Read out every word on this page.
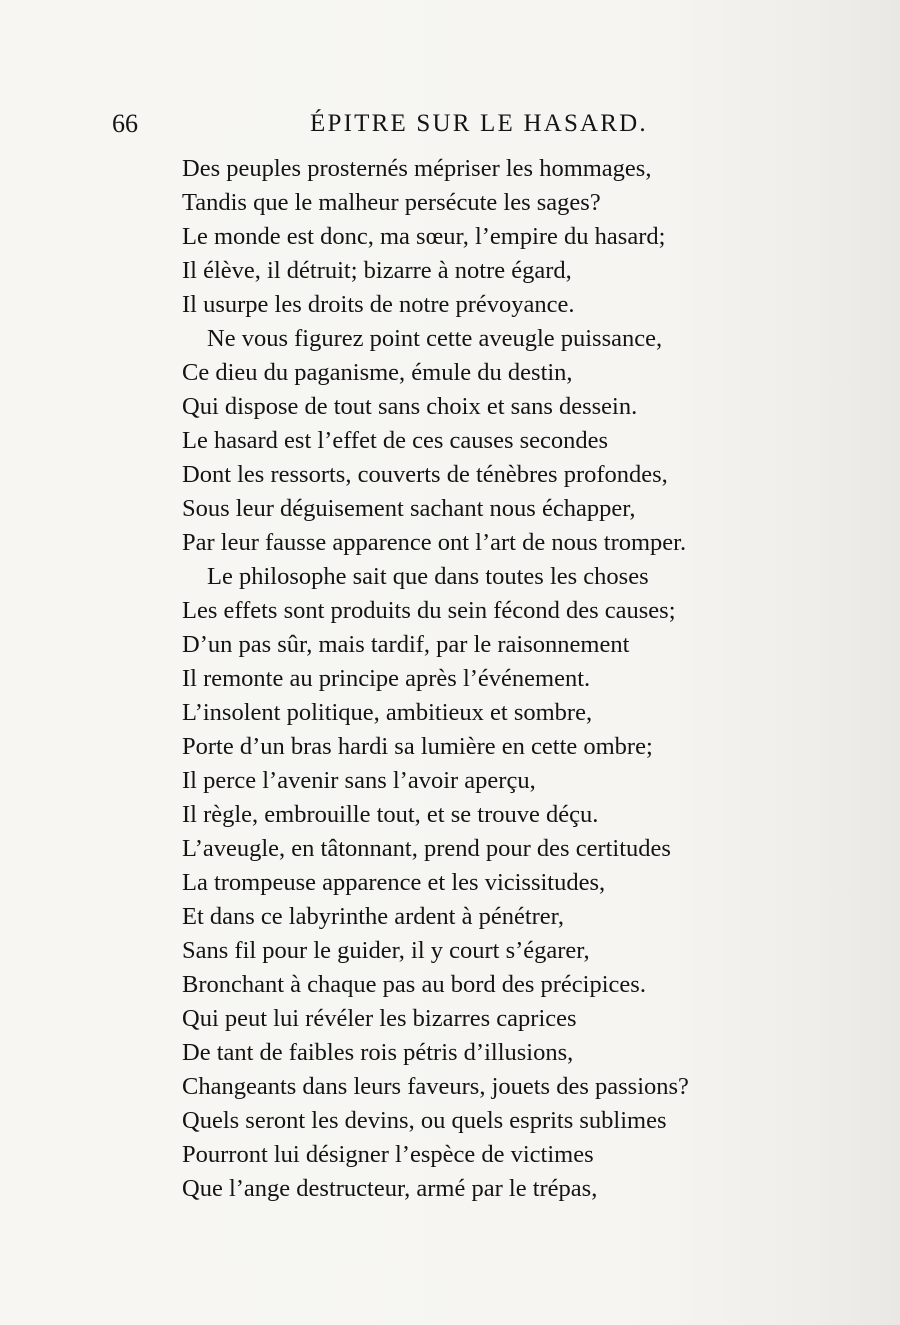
66	ÉPITRE SUR LE HASARD.
Des peuples prosternés mépriser les hommages,
Tandis que le malheur persécute les sages?
Le monde est donc, ma sœur, l’empire du hasard;
Il élève, il détruit; bizarre à notre égard,
Il usurpe les droits de notre prévoyance.
Ne vous figurez point cette aveugle puissance,
Ce dieu du paganisme, émule du destin,
Qui dispose de tout sans choix et sans dessein.
Le hasard est l’effet de ces causes secondes
Dont les ressorts, couverts de ténèbres profondes,
Sous leur déguisement sachant nous échapper,
Par leur fausse apparence ont l’art de nous tromper.
Le philosophe sait que dans toutes les choses
Les effets sont produits du sein fécond des causes;
D’un pas sûr, mais tardif, par le raisonnement
Il remonte au principe après l’événement.
L’insolent politique, ambitieux et sombre,
Porte d’un bras hardi sa lumière en cette ombre;
Il perce l’avenir sans l’avoir aperçu,
Il règle, embrouille tout, et se trouve déçu.
L’aveugle, en tâtonnant, prend pour des certitudes
La trompeuse apparence et les vicissitudes,
Et dans ce labyrinthe ardent à pénétrer,
Sans fil pour le guider, il y court s’égarer,
Bronchant à chaque pas au bord des précipices.
Qui peut lui révéler les bizarres caprices
De tant de faibles rois pétris d’illusions,
Changeants dans leurs faveurs, jouets des passions?
Quels seront les devins, ou quels esprits sublimes
Pourront lui désigner l’espèce de victimes
Que l’ange destructeur, armé par le trépas,
